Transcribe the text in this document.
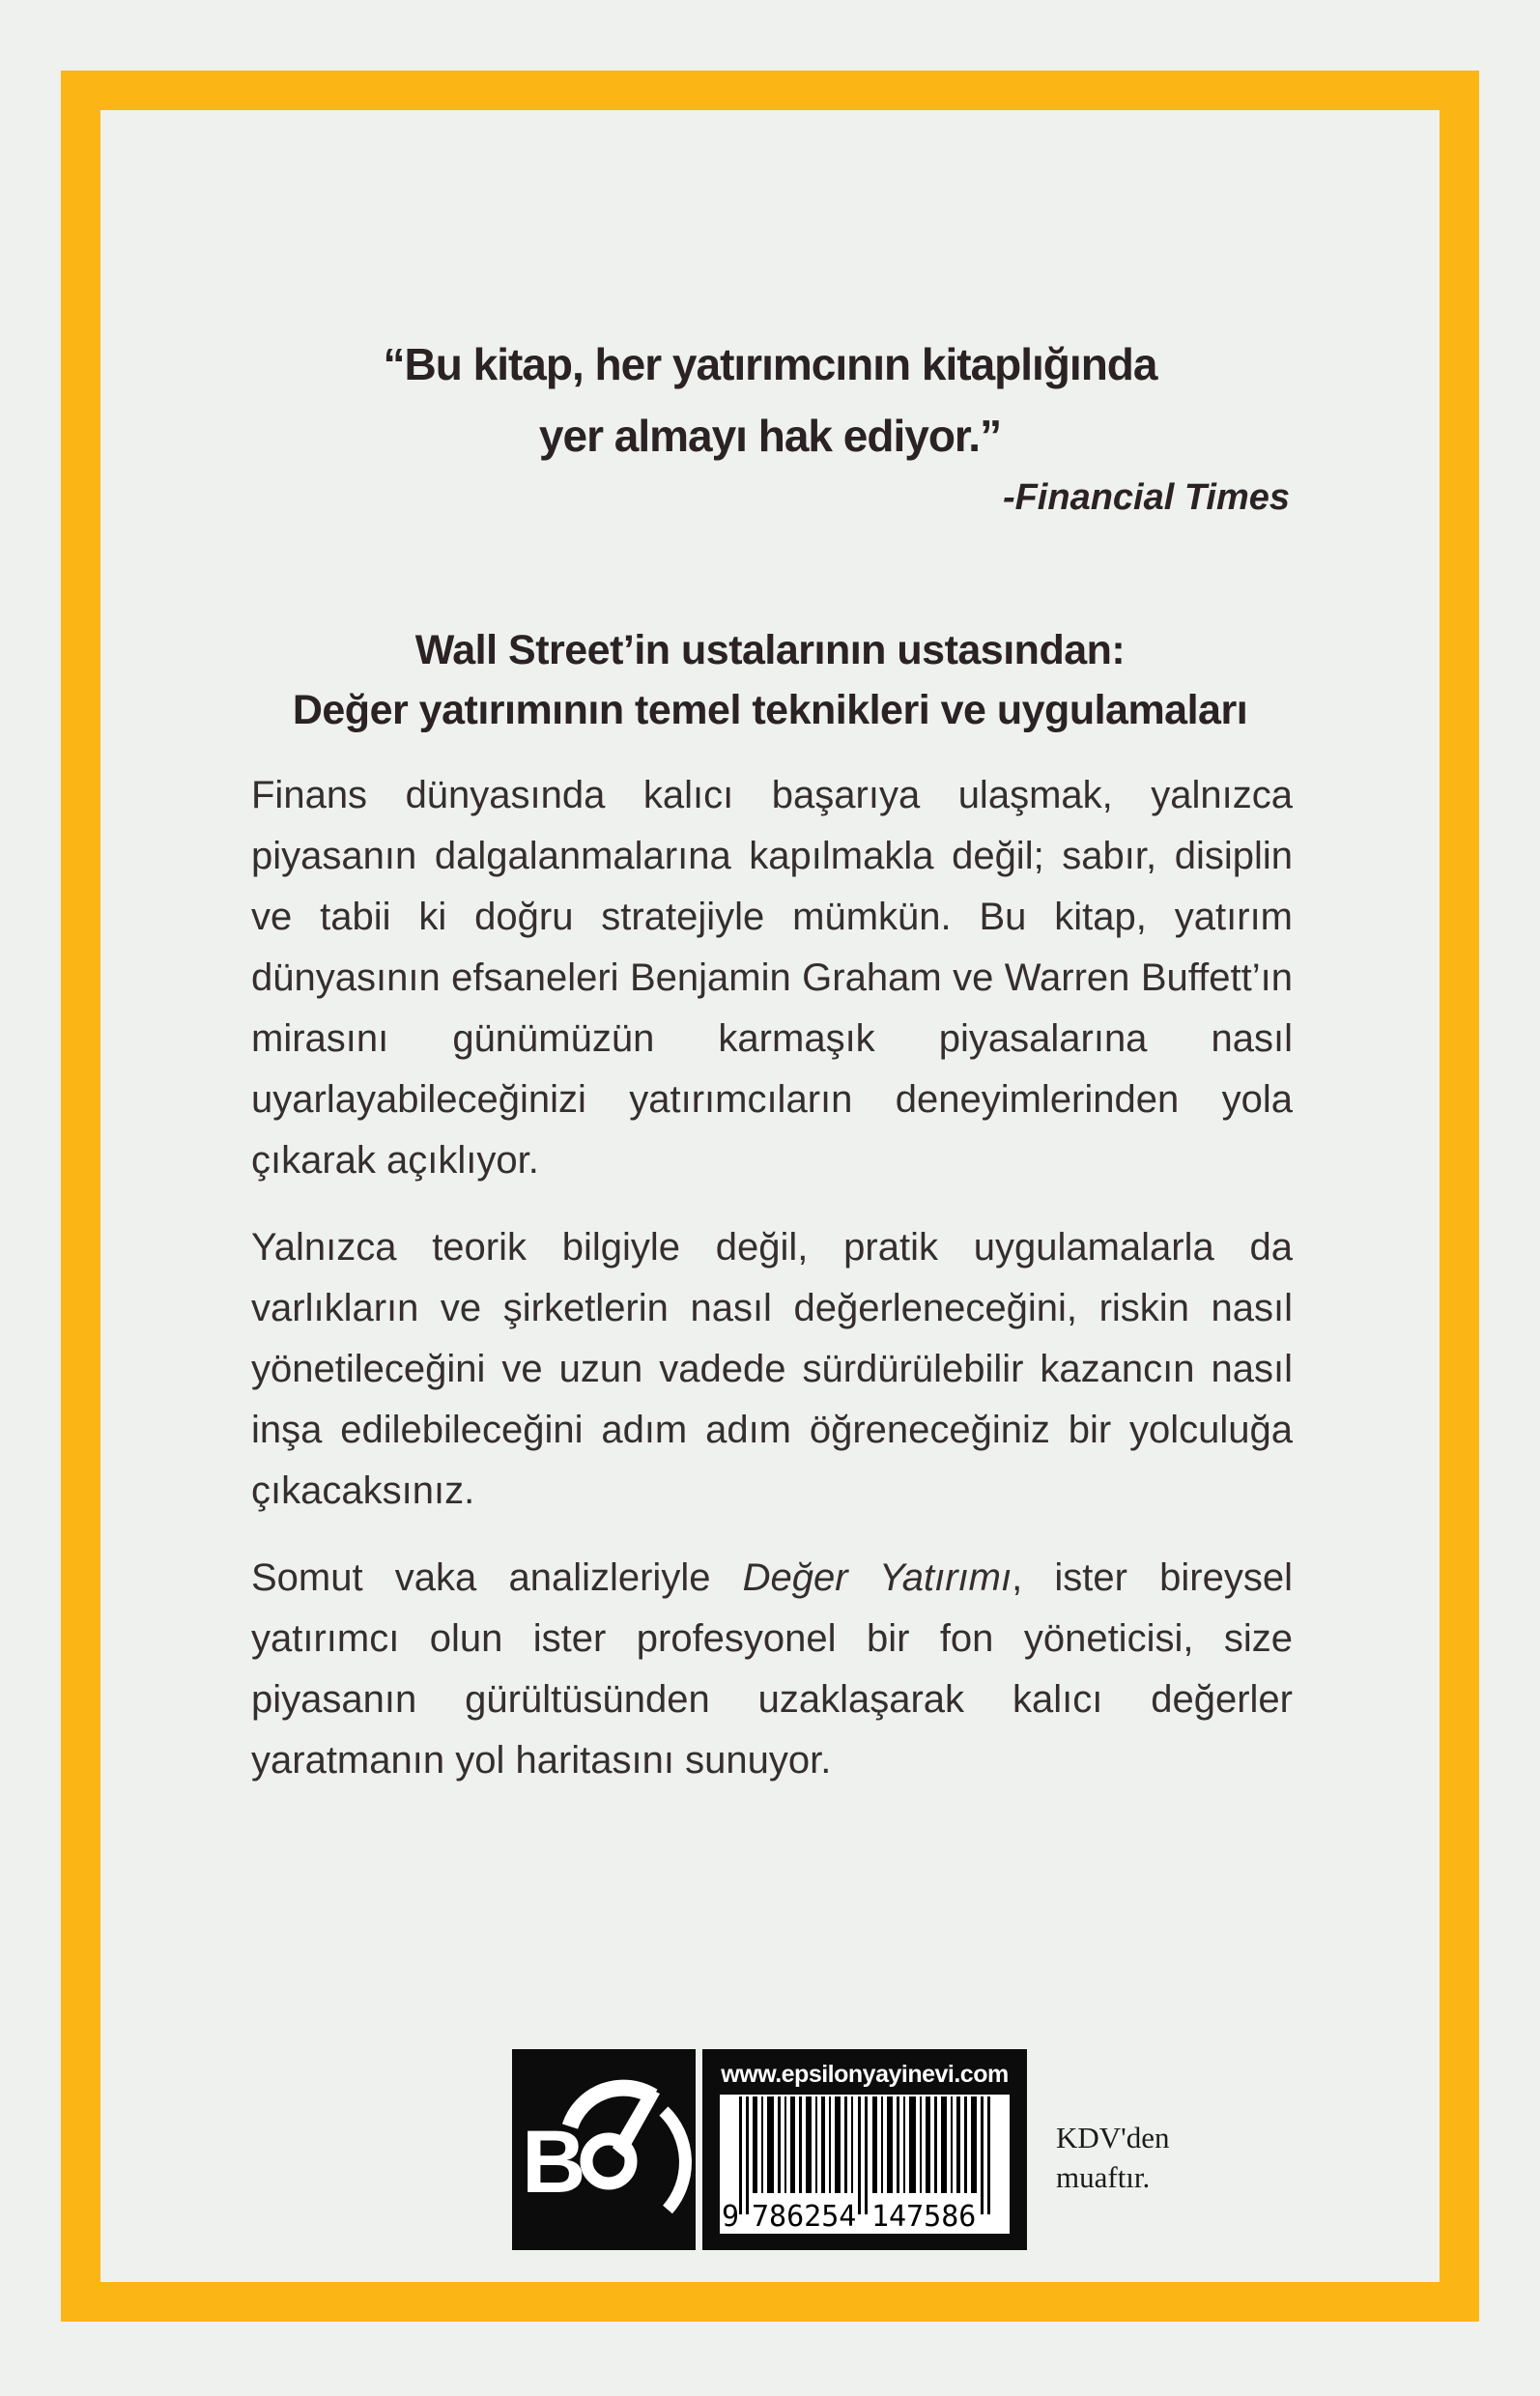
“Bu kitap, her yatırımcının kitaplığında
yer almayı hak ediyor.”
-Financial Times
Wall Street’in ustalarının ustasından:
Değer yatırımının temel teknikleri ve uygulamaları

Finans dünyasında kalıcı başarıya ulaşmak, yalnızca piyasanın dalgalanmalarına kapılmakla değil; sabır, disiplin ve tabii ki doğru stratejiyle mümkün. Bu kitap, yatırım dünyasının efsaneleri Benjamin Graham ve Warren Buffett’ın mirasını günümüzün karmaşık piyasalarına nasıl uyarlayabileceğinizi yatırımcıların deneyimlerinden yola çıkarak açıklıyor.

Yalnızca teorik bilgiyle değil, pratik uygulamalarla da varlıkların ve şirketlerin nasıl değerleneceğini, riskin nasıl yönetileceğini ve uzun vadede sürdürülebilir kazancın nasıl inşa edilebileceğini adım adım öğreneceğiniz bir yolculuğa çıkacaksınız.

Somut vaka analizleriyle Değer Yatırımı, ister bireysel yatırımcı olun ister profesyonel bir fon yöneticisi, size piyasanın gürültüsünden uzaklaşarak kalıcı değerler yaratmanın yol haritasını sunuyor.

B
www.epsilonyayinevi.com
9 786254 147586
KDV'den
muaftır.
